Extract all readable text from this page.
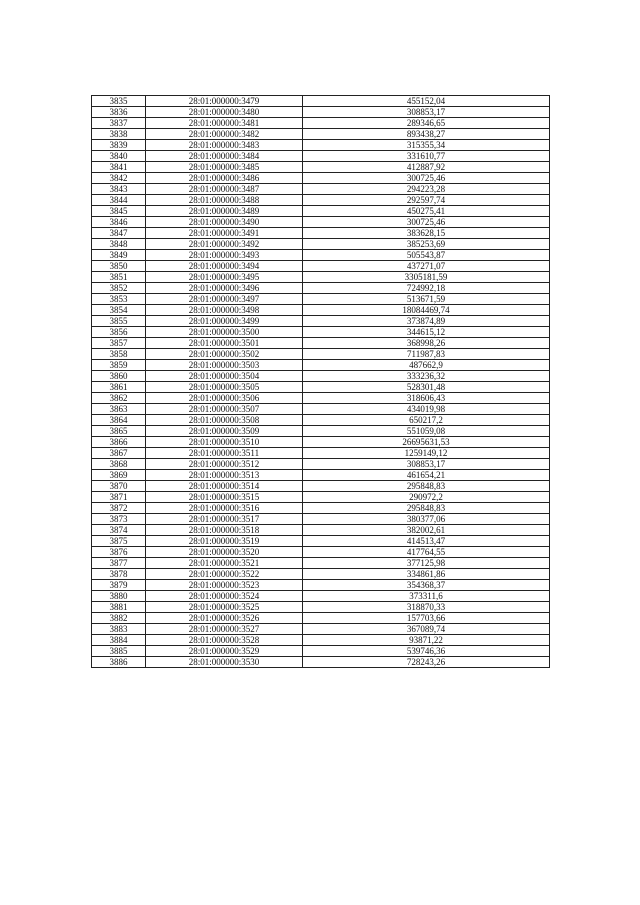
3835	28:01:000000:3479	455152,04
3836	28:01:000000:3480	308853,17
3837	28:01:000000:3481	289346,65
3838	28:01:000000:3482	893438,27
3839	28:01:000000:3483	315355,34
3840	28:01:000000:3484	331610,77
3841	28:01:000000:3485	412887,92
3842	28:01:000000:3486	300725,46
3843	28:01:000000:3487	294223,28
3844	28:01:000000:3488	292597,74
3845	28:01:000000:3489	450275,41
3846	28:01:000000:3490	300725,46
3847	28:01:000000:3491	383628,15
3848	28:01:000000:3492	385253,69
3849	28:01:000000:3493	505543,87
3850	28:01:000000:3494	437271,07
3851	28:01:000000:3495	3305181,59
3852	28:01:000000:3496	724992,18
3853	28:01:000000:3497	513671,59
3854	28:01:000000:3498	18084469,74
3855	28:01:000000:3499	373874,89
3856	28:01:000000:3500	344615,12
3857	28:01:000000:3501	368998,26
3858	28:01:000000:3502	711987,83
3859	28:01:000000:3503	487662,9
3860	28:01:000000:3504	333236,32
3861	28:01:000000:3505	528301,48
3862	28:01:000000:3506	318606,43
3863	28:01:000000:3507	434019,98
3864	28:01:000000:3508	650217,2
3865	28:01:000000:3509	551059,08
3866	28:01:000000:3510	26695631,53
3867	28:01:000000:3511	1259149,12
3868	28:01:000000:3512	308853,17
3869	28:01:000000:3513	461654,21
3870	28:01:000000:3514	295848,83
3871	28:01:000000:3515	290972,2
3872	28:01:000000:3516	295848,83
3873	28:01:000000:3517	380377,06
3874	28:01:000000:3518	382002,61
3875	28:01:000000:3519	414513,47
3876	28:01:000000:3520	417764,55
3877	28:01:000000:3521	377125,98
3878	28:01:000000:3522	334861,86
3879	28:01:000000:3523	354368,37
3880	28:01:000000:3524	373311,6
3881	28:01:000000:3525	318870,33
3882	28:01:000000:3526	157703,66
3883	28:01:000000:3527	367089,74
3884	28:01:000000:3528	93871,22
3885	28:01:000000:3529	539746,36
3886	28:01:000000:3530	728243,26
